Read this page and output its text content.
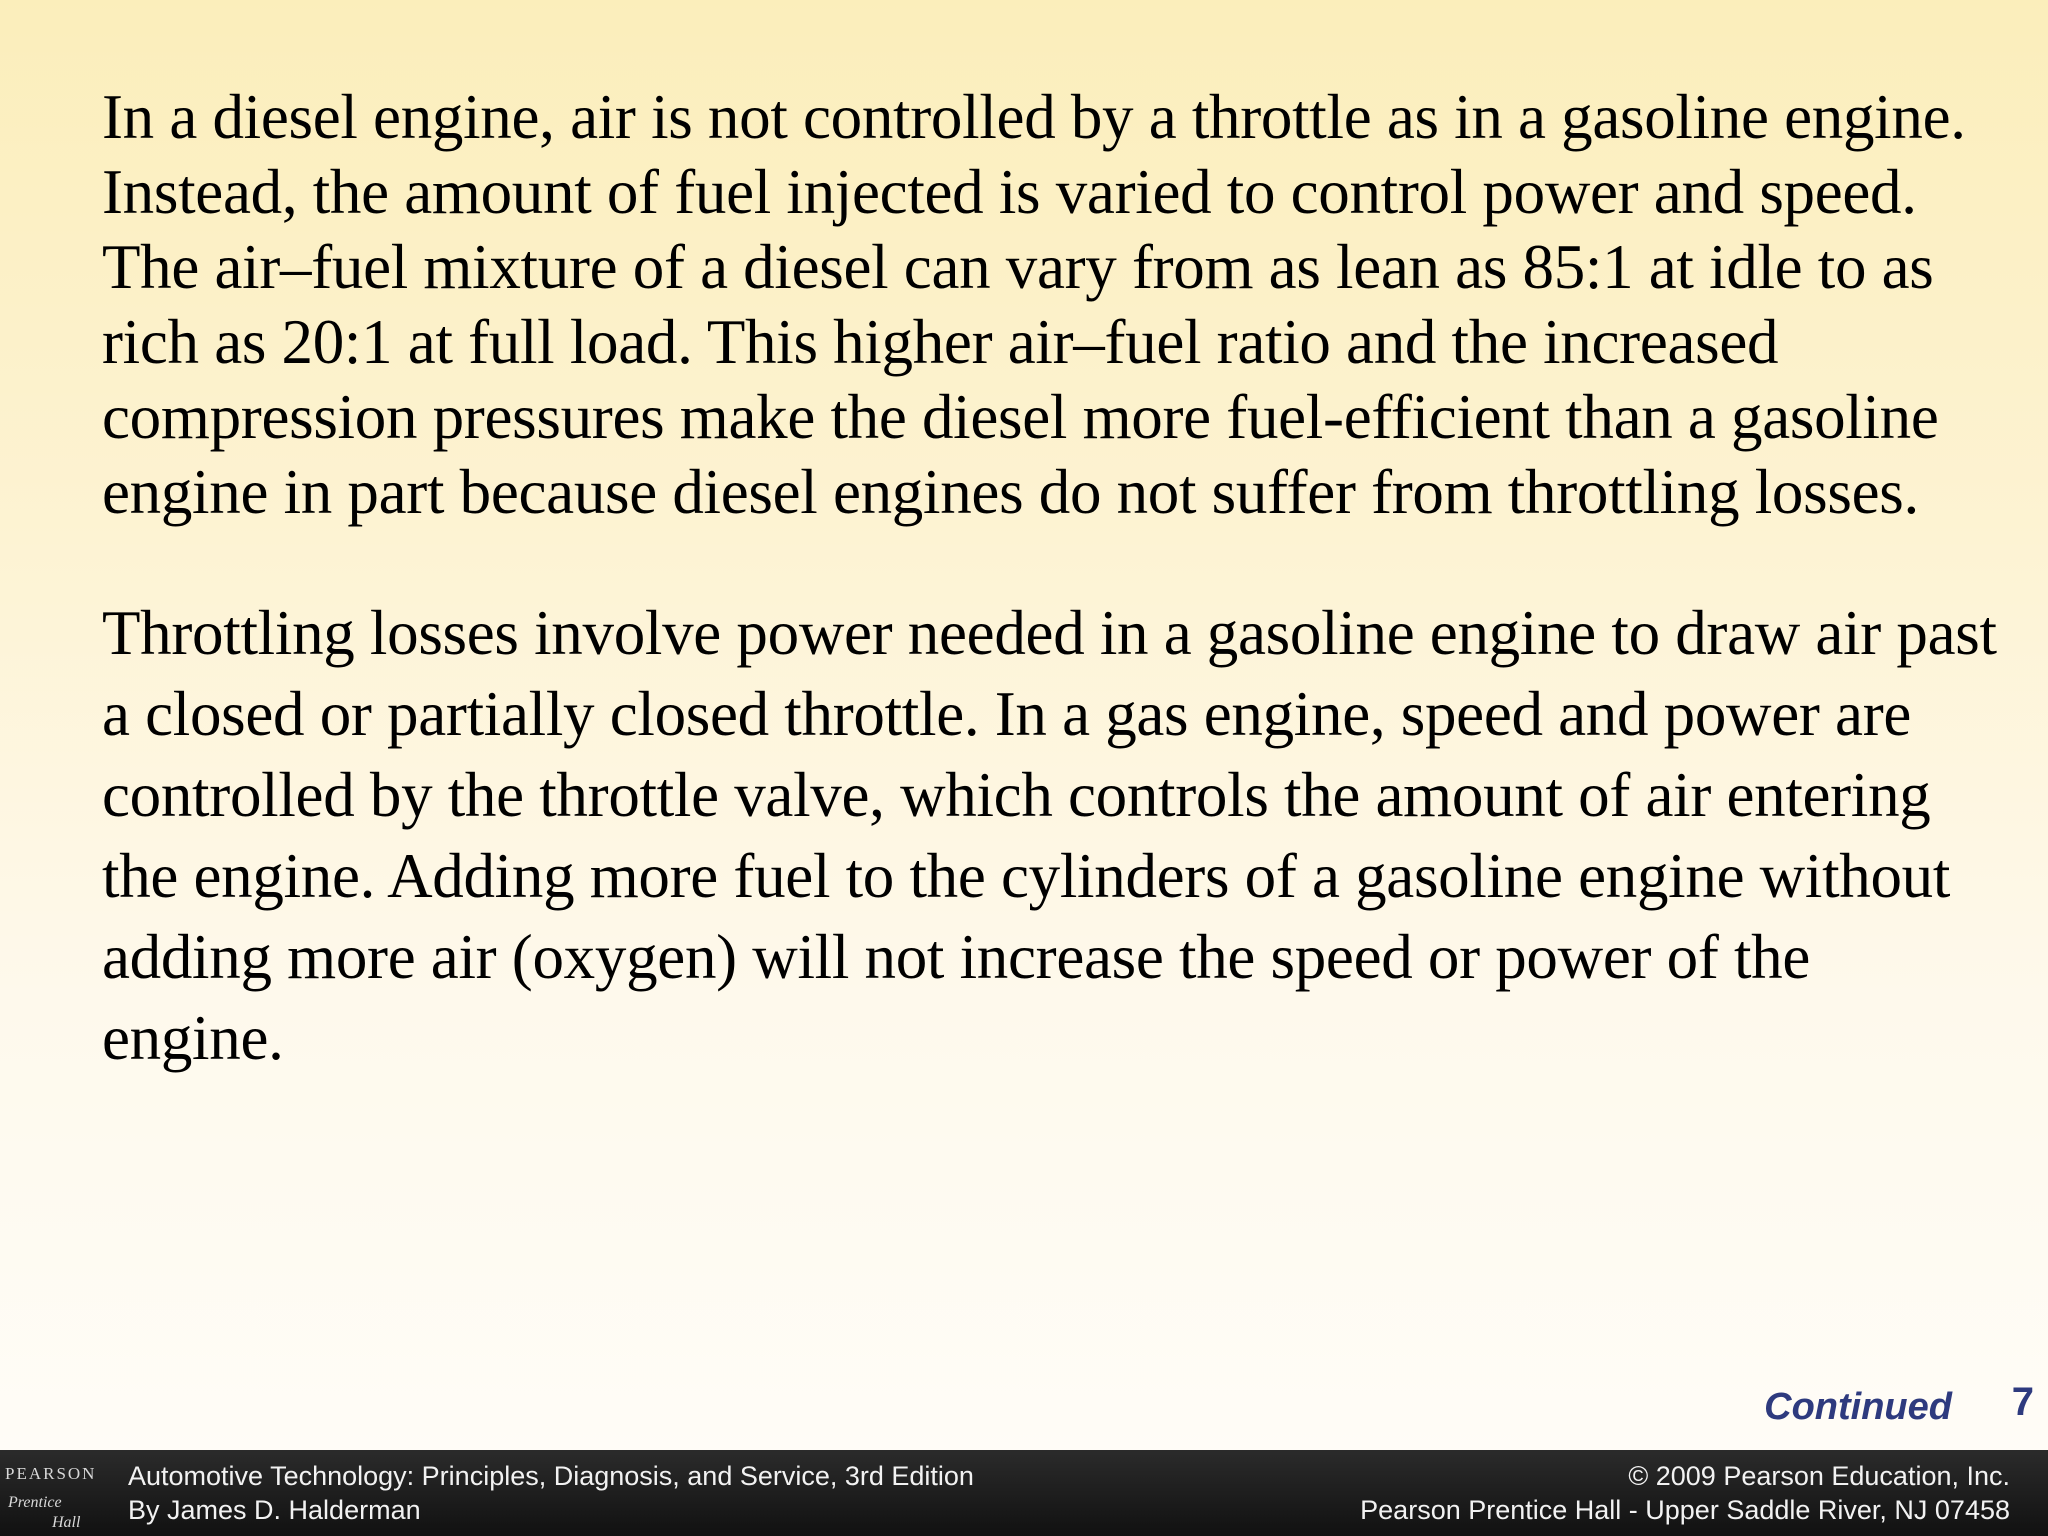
In a diesel engine, air is not controlled by a throttle as in a gasoline engine. Instead, the amount of fuel injected is varied to control power and speed. The air–fuel mixture of a diesel can vary from as lean as 85:1 at idle to as rich as 20:1 at full load. This higher air–fuel ratio and the increased compression pressures make the diesel more fuel-efficient than a gasoline engine in part because diesel engines do not suffer from throttling losses.

Throttling losses involve power needed in a gasoline engine to draw air past a closed or partially closed throttle. In a gas engine, speed and power are controlled by the throttle valve, which controls the amount of air entering the engine. Adding more fuel to the cylinders of a gasoline engine without adding more air (oxygen) will not increase the speed or power of the engine.

Continued 7
PEARSON
Prentice
Hall
Automotive Technology: Principles, Diagnosis, and Service, 3rd Edition
By James D. Halderman
© 2009 Pearson Education, Inc.
Pearson Prentice Hall - Upper Saddle River, NJ 07458
